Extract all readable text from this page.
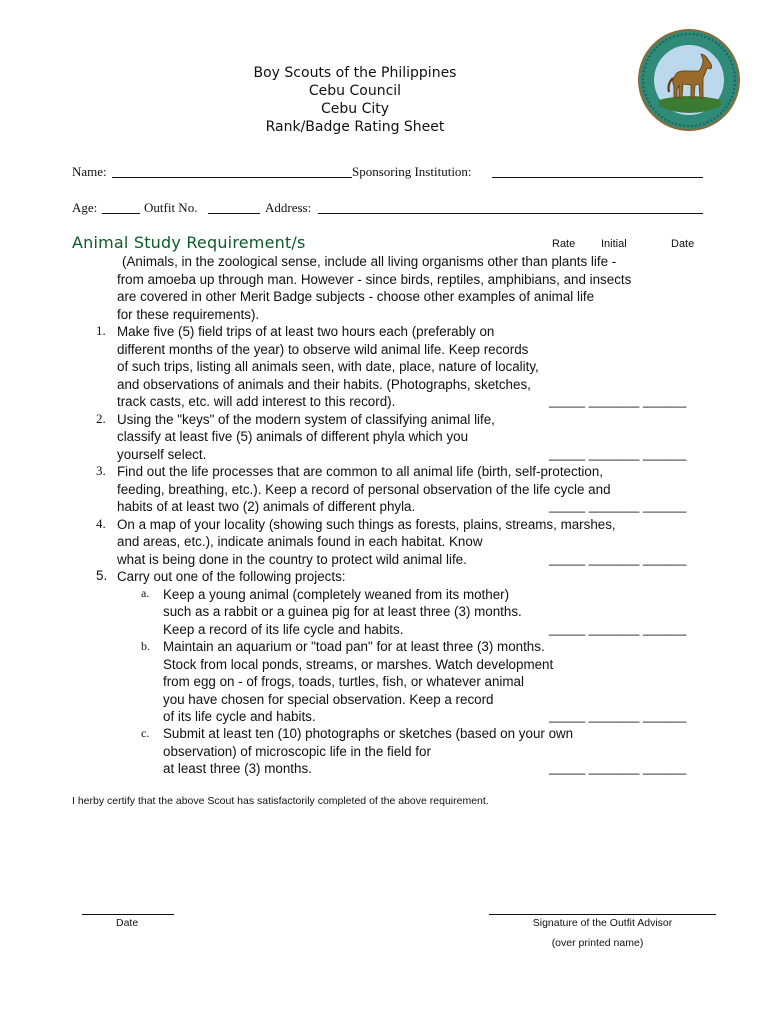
Boy Scouts of the Philippines
Cebu Council
Cebu City
Rank/Badge Rating Sheet
Name:	Sponsoring Institution:
Age:	Outfit No.	Address:
Animal Study Requirement/s	Rate Initial	Date
(Animals, in the zoological sense, include all living organisms other than plants life -
from amoeba up through man. However - since birds, reptiles, amphibians, and insects
are covered in other Merit Badge subjects - choose other examples of animal life
for these requirements).
1. Make five (5) field trips of at least two hours each (preferably on
different months of the year) to observe wild animal life. Keep records
of such trips, listing all animals seen, with date, place, nature of locality,
and observations of animals and their habits. (Photographs, sketches,
track casts, etc. will add interest to this record).	_____ _______ ______
2. Using the "keys" of the modern system of classifying animal life,
classify at least five (5) animals of different phyla which you
yourself select.	_____ _______ ______
3. Find out the life processes that are common to all animal life (birth, self-protection,
feeding, breathing, etc.). Keep a record of personal observation of the life cycle and
habits of at least two (2) animals of different phyla.	_____ _______ ______
4. On a map of your locality (showing such things as forests, plains, streams, marshes,
and areas, etc.), indicate animals found in each habitat. Know
what is being done in the country to protect wild animal life.	_____ _______ ______
5. Carry out one of the following projects:
a. Keep a young animal (completely weaned from its mother)
such as a rabbit or a guinea pig for at least three (3) months.
Keep a record of its life cycle and habits.	_____ _______ ______
b. Maintain an aquarium or "toad pan" for at least three (3) months.
Stock from local ponds, streams, or marshes. Watch development
from egg on - of frogs, toads, turtles, fish, or whatever animal
you have chosen for special observation. Keep a record
of its life cycle and habits.	_____ _______ ______
c. Submit at least ten (10) photographs or sketches (based on your own
observation) of microscopic life in the field for
at least three (3) months.	_____ _______ ______
I herby certify that the above Scout has satisfactorily completed of the above requirement.
Date	Signature of the Outfit Advisor
(over printed name)
